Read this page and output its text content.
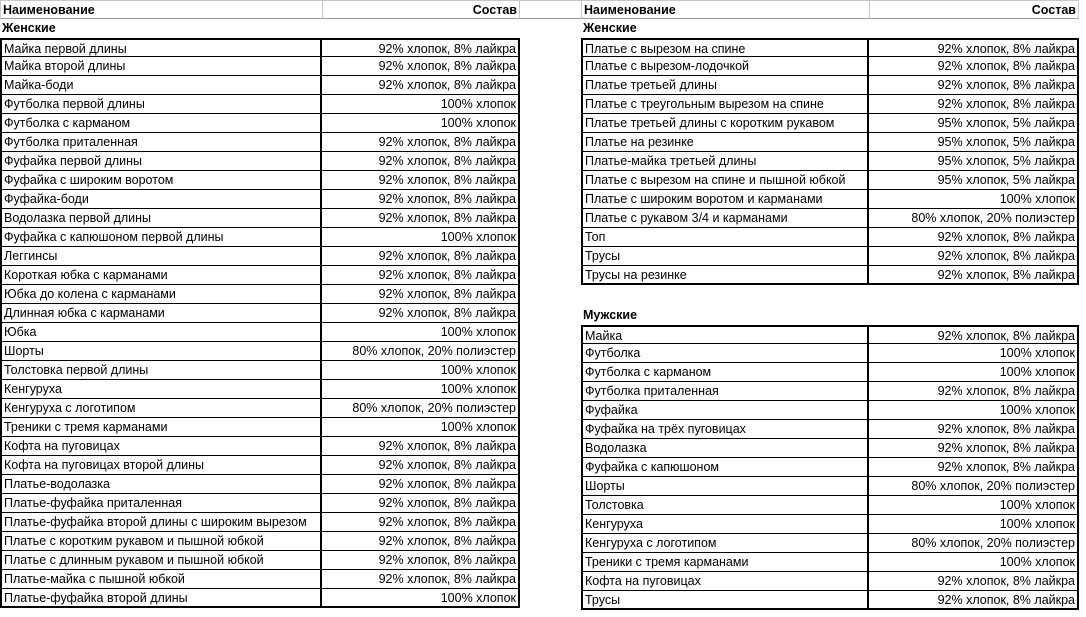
Наименование	Состав
Женские
Майка первой длины	92% хлопок, 8% лайкра
Майка второй длины	92% хлопок, 8% лайкра
Майка-боди	92% хлопок, 8% лайкра
Футболка первой длины	100% хлопок
Футболка с карманом	100% хлопок
Футболка приталенная	92% хлопок, 8% лайкра
Фуфайка первой длины	92% хлопок, 8% лайкра
Фуфайка с широким воротом	92% хлопок, 8% лайкра
Фуфайка-боди	92% хлопок, 8% лайкра
Водолазка первой длины	92% хлопок, 8% лайкра
Фуфайка с капюшоном первой длины	100% хлопок
Леггинсы	92% хлопок, 8% лайкра
Короткая юбка с карманами	92% хлопок, 8% лайкра
Юбка до колена с карманами	92% хлопок, 8% лайкра
Длинная юбка с карманами	92% хлопок, 8% лайкра
Юбка	100% хлопок
Шорты	80% хлопок, 20% полиэстер
Толстовка первой длины	100% хлопок
Кенгуруха	100% хлопок
Кенгуруха с логотипом	80% хлопок, 20% полиэстер
Треники с тремя карманами	100% хлопок
Кофта на пуговицах	92% хлопок, 8% лайкра
Кофта на пуговицах второй длины	92% хлопок, 8% лайкра
Платье-водолазка	92% хлопок, 8% лайкра
Платье-фуфайка приталенная	92% хлопок, 8% лайкра
Платье-фуфайка второй длины с широким вырезом	92% хлопок, 8% лайкра
Платье с коротким рукавом и пышной юбкой	92% хлопок, 8% лайкра
Платье с длинным рукавом и пышной юбкой	92% хлопок, 8% лайкра
Платье-майка с пышной юбкой	92% хлопок, 8% лайкра
Платье-фуфайка второй длины	100% хлопок
Наименование	Состав
Женские
Платье с вырезом на спине	92% хлопок, 8% лайкра
Платье с вырезом-лодочкой	92% хлопок, 8% лайкра
Платье третьей длины	92% хлопок, 8% лайкра
Платье с треугольным вырезом на спине	92% хлопок, 8% лайкра
Платье третьей длины с коротким рукавом	95% хлопок, 5% лайкра
Платье на резинке	95% хлопок, 5% лайкра
Платье-майка третьей длины	95% хлопок, 5% лайкра
Платье с вырезом на спине и пышной юбкой	95% хлопок, 5% лайкра
Платье с широким воротом и карманами	100% хлопок
Платье с рукавом 3/4 и карманами	80% хлопок, 20% полиэстер
Топ	92% хлопок, 8% лайкра
Трусы	92% хлопок, 8% лайкра
Трусы на резинке	92% хлопок, 8% лайкра
Мужские
Майка	92% хлопок, 8% лайкра
Футболка	100% хлопок
Футболка с карманом	100% хлопок
Футболка приталенная	92% хлопок, 8% лайкра
Фуфайка	100% хлопок
Фуфайка на трёх пуговицах	92% хлопок, 8% лайкра
Водолазка	92% хлопок, 8% лайкра
Фуфайка с капюшоном	92% хлопок, 8% лайкра
Шорты	80% хлопок, 20% полиэстер
Толстовка	100% хлопок
Кенгуруха	100% хлопок
Кенгуруха с логотипом	80% хлопок, 20% полиэстер
Треники с тремя карманами	100% хлопок
Кофта на пуговицах	92% хлопок, 8% лайкра
Трусы	92% хлопок, 8% лайкра
